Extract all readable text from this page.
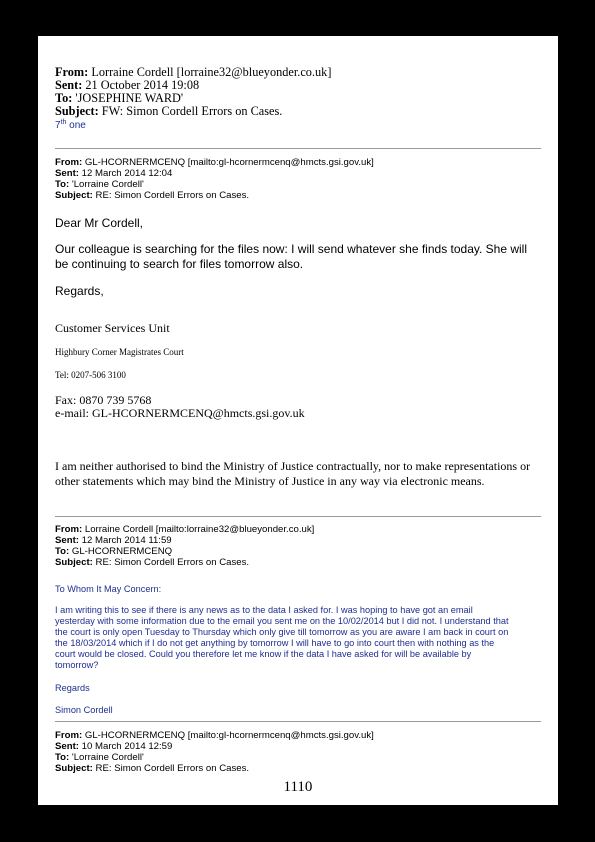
From: Lorraine Cordell [lorraine32@blueyonder.co.uk]
Sent: 21 October 2014 19:08
To: 'JOSEPHINE WARD'
Subject: FW: Simon Cordell Errors on Cases.
7th one
From: GL-HCORNERMCENQ [mailto:gl-hcornermcenq@hmcts.gsi.gov.uk]
Sent: 12 March 2014 12:04
To: 'Lorraine Cordell'
Subject: RE: Simon Cordell Errors on Cases.
Dear Mr Cordell,
Our colleague is searching for the files now: I will send whatever she finds today. She will
be continuing to search for files tomorrow also.
Regards,
Customer Services Unit
Highbury Corner Magistrates Court
Tel: 0207-506 3100
Fax: 0870 739 5768
e-mail: GL-HCORNERMCENQ@hmcts.gsi.gov.uk
I am neither authorised to bind the Ministry of Justice contractually, nor to make representations or
other statements which may bind the Ministry of Justice in any way via electronic means.
From: Lorraine Cordell [mailto:lorraine32@blueyonder.co.uk]
Sent: 12 March 2014 11:59
To: GL-HCORNERMCENQ
Subject: RE: Simon Cordell Errors on Cases.
To Whom It May Concern:
I am writing this to see if there is any news as to the data I asked for. I was hoping to have got an email
yesterday with some information due to the email you sent me on the 10/02/2014 but I did not. I understand that
the court is only open Tuesday to Thursday which only give till tomorrow as you are aware I am back in court on
the 18/03/2014 which if I do not get anything by tomorrow I will have to go into court then with nothing as the
court would be closed. Could you therefore let me know if the data I have asked for will be available by
tomorrow?
Regards
Simon Cordell
From: GL-HCORNERMCENQ [mailto:gl-hcornermcenq@hmcts.gsi.gov.uk]
Sent: 10 March 2014 12:59
To: 'Lorraine Cordell'
Subject: RE: Simon Cordell Errors on Cases.
1110
